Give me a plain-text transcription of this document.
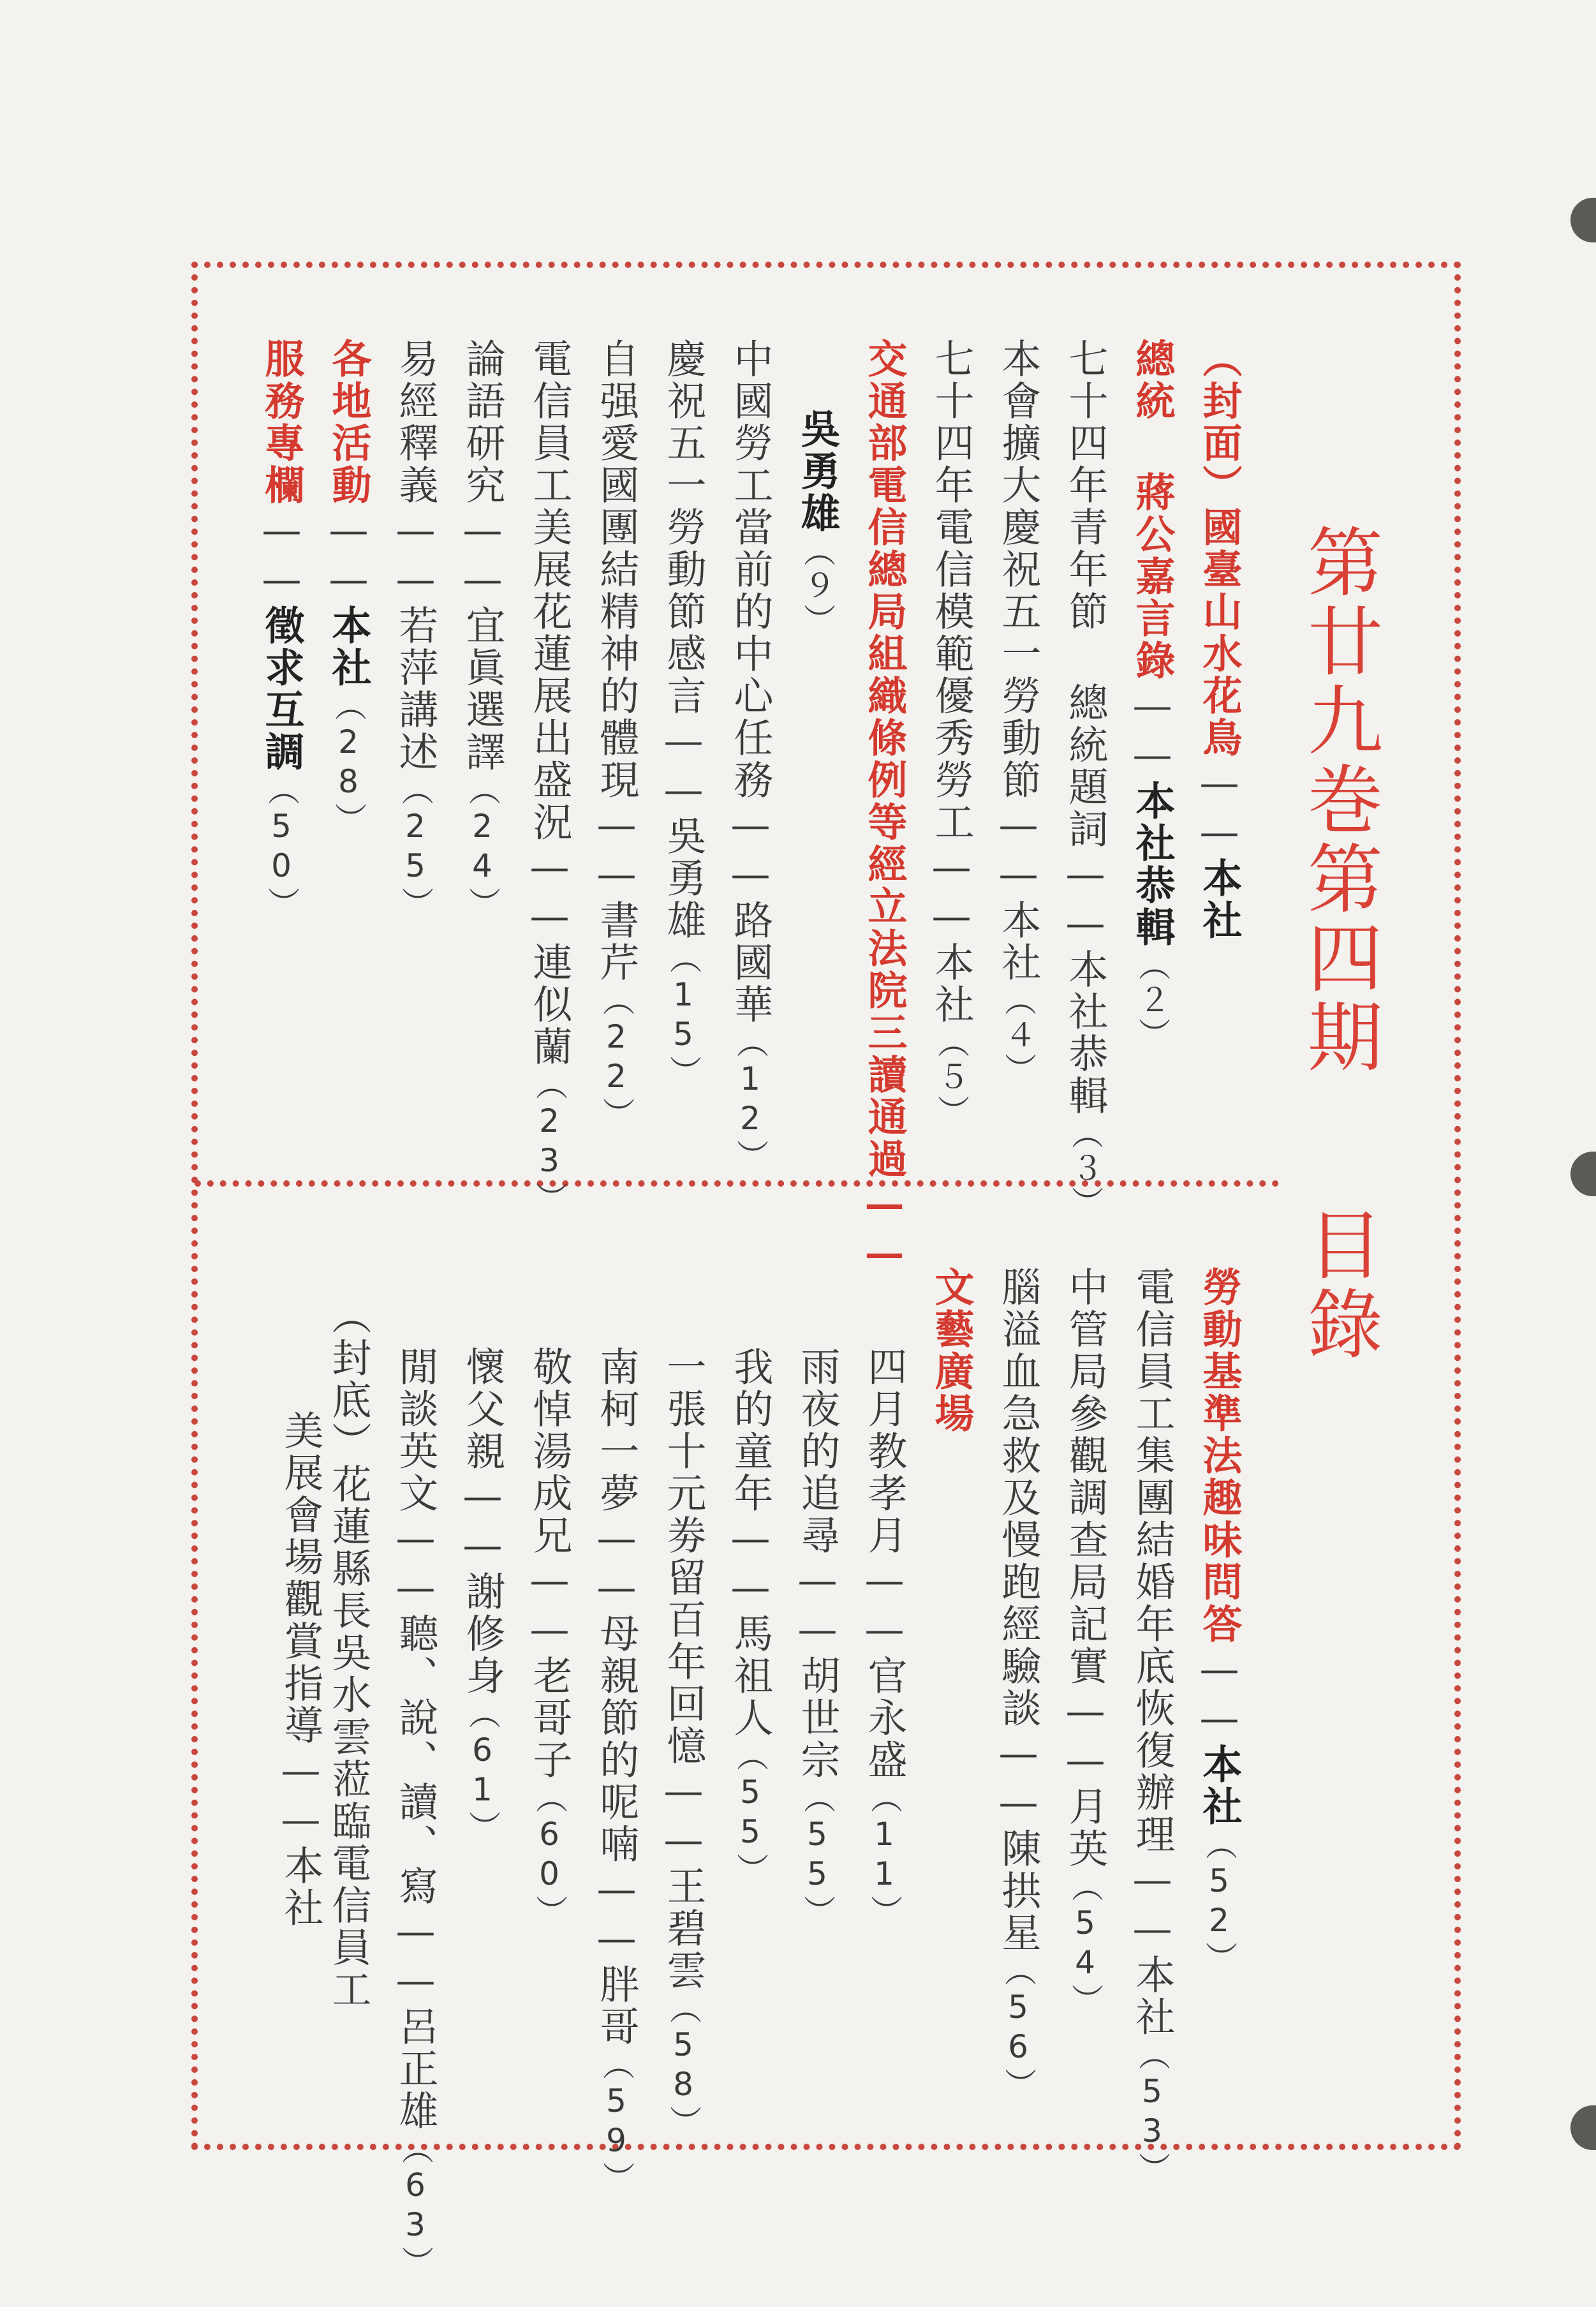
第廿九巻第四期
目錄
（封面）國臺山水花鳥——本社
總統 蔣公嘉言錄——本社恭輯（２）
七十四年青年節 總統題詞——本社恭輯（３）
本會擴大慶祝五一勞動節——本社（４）
七十四年電信模範優秀勞工——本社（５）
交通部電信總局組織條例等經立法院三讀通過——
吳勇雄（９）
中國勞工當前的中心任務——路國華（12）
慶祝五一勞動節感言——吳勇雄（15）
自强愛國團結精神的體現——書芹（22）
電信員工美展花蓮展出盛況——連似蘭（23）
論語研究——宜眞選譯（24）
易經釋義——若萍講述（25）
各地活動——本社（28）
服務專欄——徵求互調（50）
勞動基準法趣味問答——本社（52）
電信員工集團結婚年底恢復辦理——本社（53）
中管局參觀調查局記實——月英（54）
腦溢血急救及慢跑經驗談——陳拱星（56）
文藝廣場
四月教孝月——官永盛（11）
雨夜的追尋——胡世宗（55）
我的童年——馬祖人（55）
一張十元劵留百年回憶——王碧雲（58）
南柯一夢——母親節的呢喃——胖哥（59）
敬悼湯成兄——老哥子（60）
懷父親——謝修身（61）
閒談英文——聽、說、讀、寫——呂正雄（63）
（封底）花蓮縣長吳水雲蒞臨電信員工
美展會場觀賞指導——本社
